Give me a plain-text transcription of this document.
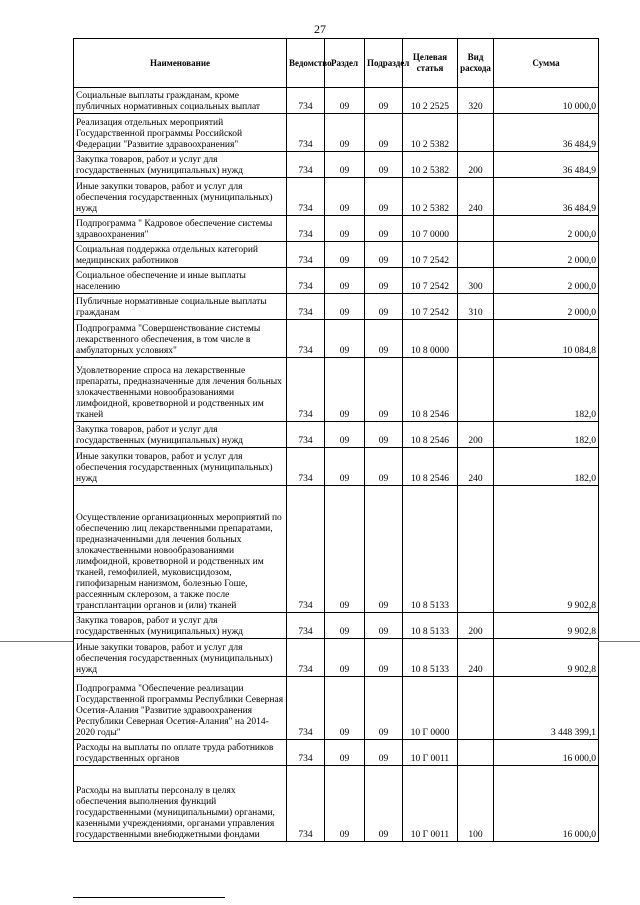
27
Наименование	Ведомство	Раздел	Подраздел	Целевая статья	Вид расхода	Сумма
Социальные выплаты гражданам, кроме публичных нормативных социальных выплат	734	09	09	10 2 2525	320	10 000,0
Реализация отдельных мероприятий Государственной программы Российской Федерации "Развитие здравоохранения"	734	09	09	10 2 5382		36 484,9
Закупка товаров, работ и услуг для государственных (муниципальных) нужд	734	09	09	10 2 5382	200	36 484,9
Иные закупки товаров, работ и услуг для обеспечения государственных (муниципальных) нужд	734	09	09	10 2 5382	240	36 484,9
Подпрограмма " Кадровое обеспечение системы здравоохранения"	734	09	09	10 7 0000		2 000,0
Социальная поддержка отдельных категорий медицинских работников	734	09	09	10 7 2542		2 000,0
Социальное обеспечение и иные выплаты населению	734	09	09	10 7 2542	300	2 000,0
Публичные нормативные социальные выплаты гражданам	734	09	09	10 7 2542	310	2 000,0
Подпрограмма "Совершенствование системы лекарственного обеспечения, в том числе в амбулаторных условиях"	734	09	09	10 8 0000		10 084,8
Удовлетворение спроса на лекарственные препараты, предназначенные для лечения больных злокачественными новообразованиями лимфоидной, кроветворной и родственных им тканей	734	09	09	10 8 2546		182,0
Закупка товаров, работ и услуг для государственных (муниципальных) нужд	734	09	09	10 8 2546	200	182,0
Иные закупки товаров, работ и услуг для обеспечения государственных (муниципальных) нужд	734	09	09	10 8 2546	240	182,0
Осуществление организационных мероприятий по обеспечению лиц лекарственными препаратами, предназначенными для лечения больных злокачественными новообразованиями лимфоидной, кроветворной и родственных им тканей, гемофилией, муковисцидозом, гипофизарным нанизмом, болезнью Гоше, рассеянным склерозом, а также после трансплантации органов и (или) тканей	734	09	09	10 8 5133		9 902,8
Закупка товаров, работ и услуг для государственных (муниципальных) нужд	734	09	09	10 8 5133	200	9 902,8
Иные закупки товаров, работ и услуг для обеспечения государственных (муниципальных) нужд	734	09	09	10 8 5133	240	9 902,8
Подпрограмма "Обеспечение реализации Государственной программы Республики Северная Осетия-Алания "Развитие здравоохранения Республики Северная Осетия-Алания" на 2014-2020 годы"	734	09	09	10 Г 0000		3 448 399,1
Расходы на выплаты по оплате труда работников государственных органов	734	09	09	10 Г 0011		16 000,0
Расходы на выплаты персоналу в целях обеспечения выполнения функций государственными (муниципальными) органами, казенными учреждениями, органами управления государственными внебюджетными фондами	734	09	09	10 Г 0011	100	16 000,0
